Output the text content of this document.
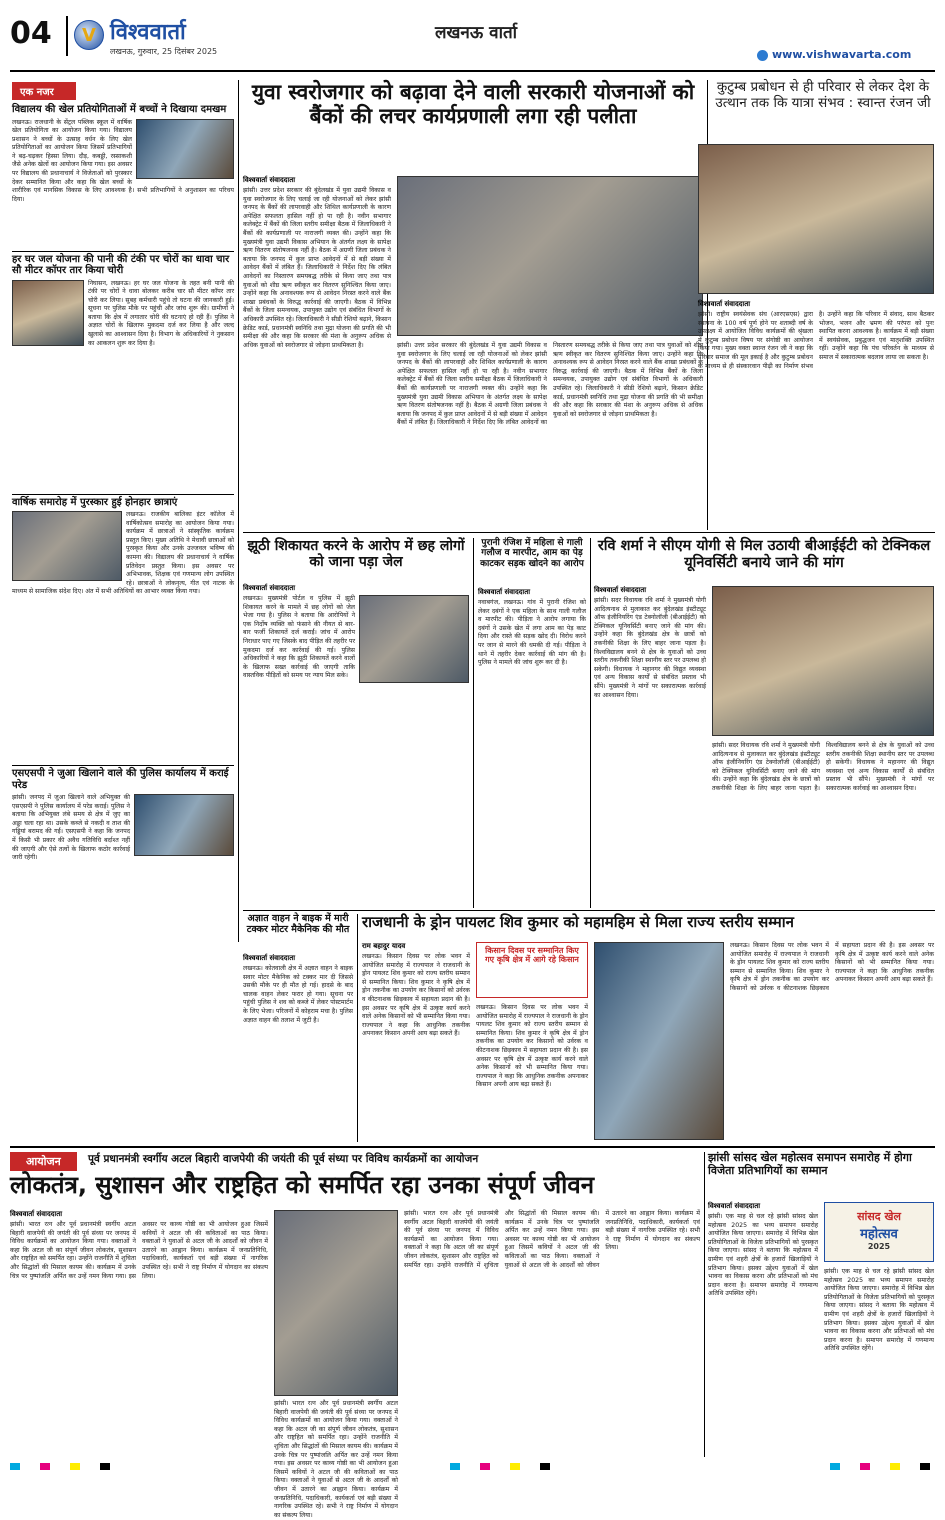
04 V विश्ववार्ता
लखनऊ, गुरुवार, 25 दिसंबर 2025
लखनऊ वार्ता
www.vishwavarta.com
एक नजर
विद्यालय की खेल प्रतियोगिताओं में बच्चों ने दिखाया दमखम
लखनऊ। राजधानी के सेंट्रल पब्लिक स्कूल में वार्षिक खेल प्रतियोगिता का आयोजन किया गया। विद्यालय प्रशासन ने बच्चों के उत्साह वर्धन के लिए खेल प्रतियोगिताओं का आयोजन किया जिसमें प्रतिभागियों ने बढ़-चढ़कर हिस्सा लिया। दौड़, कबड्डी, रस्साकशी जैसे अनेक खेलों का आयोजन किया गया। इस अवसर पर विद्यालय की प्रधानाचार्य ने विजेताओं को पुरस्कार देकर सम्मानित किया और कहा कि खेल बच्चों के शारीरिक एवं मानसिक विकास के लिए आवश्यक है। सभी प्रतिभागियों ने अनुशासन का परिचय दिया।
हर घर जल योजना की पानी की टंकी पर चोरों का धावा चार सौ मीटर कॉपर तार किया चोरी
निघासन, लखनऊ। हर घर जल योजना के तहत बनी पानी की टंकी पर चोरों ने धावा बोलकर करीब चार सौ मीटर कॉपर तार चोरी कर लिया। सुबह कर्मचारी पहुंचे तो घटना की जानकारी हुई। सूचना पर पुलिस मौके पर पहुंची और जांच शुरू की। ग्रामीणों ने बताया कि क्षेत्र में लगातार चोरी की घटनाएं हो रही हैं। पुलिस ने अज्ञात चोरों के खिलाफ मुकदमा दर्ज कर लिया है और जल्द खुलासे का आश्वासन दिया है। विभाग के अधिकारियों ने नुकसान का आकलन शुरू कर दिया है।
वार्षिक समारोह में पुरस्कार हुई होनहार छात्राएं
लखनऊ। राजकीय बालिका इंटर कॉलेज में वार्षिकोत्सव समारोह का आयोजन किया गया। कार्यक्रम में छात्राओं ने सांस्कृतिक कार्यक्रम प्रस्तुत किए। मुख्य अतिथि ने मेधावी छात्राओं को पुरस्कृत किया और उनके उज्जवल भविष्य की कामना की। विद्यालय की प्रधानाचार्य ने वार्षिक प्रतिवेदन प्रस्तुत किया। इस अवसर पर अभिभावक, शिक्षक एवं गणमान्य लोग उपस्थित रहे। छात्राओं ने लोकनृत्य, गीत एवं नाटक के माध्यम से सामाजिक संदेश दिए। अंत में सभी अतिथियों का आभार व्यक्त किया गया।
एसएसपी ने जुआ खिलाने वाले की पुलिस कार्यालय में कराई परेड
झांसी। जनपद में जुआ खिलाने वाले अभियुक्त की एसएसपी ने पुलिस कार्यालय में परेड कराई। पुलिस ने बताया कि अभियुक्त लंबे समय से क्षेत्र में जुए का अड्डा चला रहा था। उसके कब्जे से नकदी व ताश की गड्डियां बरामद की गईं। एसएसपी ने कहा कि जनपद में किसी भी प्रकार की अवैध गतिविधि बर्दाश्त नहीं की जाएगी और ऐसे तत्वों के खिलाफ कठोर कार्रवाई जारी रहेगी।
युवा स्वरोजगार को बढ़ावा देने वाली सरकारी योजनाओं को बैंकों की लचर कार्यप्रणाली लगा रही पलीता
विश्ववार्ता संवाददाता
झांसी। उत्तर प्रदेश सरकार की बुंदेलखंड में युवा उद्यमी विकास व युवा स्वरोजगार के लिए चलाई जा रही योजनाओं को लेकर झांसी जनपद के बैंकों की लापरवाही और शिथिल कार्यप्रणाली के कारण अपेक्षित सफलता हासिल नहीं हो पा रही है। नवीन सभागार कलेक्ट्रेट में बैंकों की जिला स्तरीय समीक्षा बैठक में जिलाधिकारी ने बैंकों की कार्यप्रणाली पर नाराजगी व्यक्त की। उन्होंने कहा कि मुख्यमंत्री युवा उद्यमी विकास अभियान के अंतर्गत लक्ष्य के सापेक्ष ऋण वितरण संतोषजनक नहीं है। बैठक में अग्रणी जिला प्रबंधक ने बताया कि जनपद में कुल प्राप्त आवेदनों में से बड़ी संख्या में आवेदन बैंकों में लंबित हैं। जिलाधिकारी ने निर्देश दिए कि लंबित आवेदनों का निस्तारण समयबद्ध तरीके से किया जाए तथा पात्र युवाओं को शीघ्र ऋण स्वीकृत कर वितरण सुनिश्चित किया जाए। उन्होंने कहा कि अनावश्यक रूप से आवेदन निरस्त करने वाले बैंक शाखा प्रबंधकों के विरुद्ध कार्रवाई की जाएगी। बैठक में विभिन्न बैंकों के जिला समन्वयक, उपायुक्त उद्योग एवं संबंधित विभागों के अधिकारी उपस्थित रहे। जिलाधिकारी ने सीडी रेशियो बढ़ाने, किसान क्रेडिट कार्ड, प्रधानमंत्री स्वनिधि तथा मुद्रा योजना की प्रगति की भी समीक्षा की और कहा कि सरकार की मंशा के अनुरूप अधिक से अधिक युवाओं को स्वरोजगार से जोड़ना प्राथमिकता है।	झांसी। उत्तर प्रदेश सरकार की बुंदेलखंड में युवा उद्यमी विकास व युवा स्वरोजगार के लिए चलाई जा रही योजनाओं को लेकर झांसी जनपद के बैंकों की लापरवाही और शिथिल कार्यप्रणाली के कारण अपेक्षित सफलता हासिल नहीं हो पा रही है। नवीन सभागार कलेक्ट्रेट में बैंकों की जिला स्तरीय समीक्षा बैठक में जिलाधिकारी ने बैंकों की कार्यप्रणाली पर नाराजगी व्यक्त की। उन्होंने कहा कि मुख्यमंत्री युवा उद्यमी विकास अभियान के अंतर्गत लक्ष्य के सापेक्ष ऋण वितरण संतोषजनक नहीं है। बैठक में अग्रणी जिला प्रबंधक ने बताया कि जनपद में कुल प्राप्त आवेदनों में से बड़ी संख्या में आवेदन बैंकों में लंबित हैं। जिलाधिकारी ने निर्देश दिए कि लंबित आवेदनों का निस्तारण समयबद्ध तरीके से किया जाए तथा पात्र युवाओं को शीघ्र ऋण स्वीकृत कर वितरण सुनिश्चित किया जाए। उन्होंने कहा कि अनावश्यक रूप से आवेदन निरस्त करने वाले बैंक शाखा प्रबंधकों के विरुद्ध कार्रवाई की जाएगी। बैठक में विभिन्न बैंकों के जिला समन्वयक, उपायुक्त उद्योग एवं संबंधित विभागों के अधिकारी उपस्थित रहे। जिलाधिकारी ने सीडी रेशियो बढ़ाने, किसान क्रेडिट कार्ड, प्रधानमंत्री स्वनिधि तथा मुद्रा योजना की प्रगति की भी समीक्षा की और कहा कि सरकार की मंशा के अनुरूप अधिक से अधिक युवाओं को स्वरोजगार से जोड़ना प्राथमिकता है।
कुटुम्ब प्रबोधन से ही परिवार से लेकर देश के उत्थान तक कि यात्रा संभव : स्वान्त रंजन जी
विश्ववार्ता संवाददाता
झांसी। राष्ट्रीय स्वयंसेवक संघ (आरएसएस) द्वारा स्थापना के 100 वर्ष पूर्ण होने पर शताब्दी वर्ष के उपलक्ष्य में आयोजित विविध कार्यक्रमों की श्रृंखला में कुटुम्ब प्रबोधन विषय पर संगोष्ठी का आयोजन किया गया। मुख्य वक्ता स्वान्त रंजन जी ने कहा कि परिवार समाज की मूल इकाई है और कुटुम्ब प्रबोधन के माध्यम से ही संस्कारवान पीढ़ी का निर्माण संभव है। उन्होंने कहा कि परिवार में संवाद, साथ बैठकर भोजन, भजन और भ्रमण की परंपरा को पुनः स्थापित करना आवश्यक है। कार्यक्रम में बड़ी संख्या में स्वयंसेवक, प्रबुद्धजन एवं मातृशक्ति उपस्थित रहीं। उन्होंने कहा कि पंच परिवर्तन के माध्यम से समाज में सकारात्मक बदलाव लाया जा सकता है।
झूठी शिकायत करने के आरोप में छह लोगों को जाना पड़ा जेल
विश्ववार्ता संवाददाता
लखनऊ। मुख्यमंत्री पोर्टल व पुलिस में झूठी शिकायत करने के मामले में छह लोगों को जेल भेजा गया है। पुलिस ने बताया कि आरोपियों ने एक निर्दोष व्यक्ति को फंसाने की नीयत से बार-बार फर्जी शिकायतें दर्ज कराईं। जांच में आरोप निराधार पाए गए जिसके बाद पीड़ित की तहरीर पर मुकदमा दर्ज कर कार्रवाई की गई। पुलिस अधिकारियों ने कहा कि झूठी शिकायतें करने वालों के खिलाफ सख्त कार्रवाई की जाएगी ताकि वास्तविक पीड़ितों को समय पर न्याय मिल सके।
पुरानी रंजिश में महिला से गाली गलौज व मारपीट, आम का पेड़ काटकर सड़क खोदने का आरोप
विश्ववार्ता संवाददाता
नवाबगंज, लखनऊ। गांव में पुरानी रंजिश को लेकर दबंगों ने एक महिला के साथ गाली गलौज व मारपीट की। पीड़िता ने आरोप लगाया कि दबंगों ने उसके खेत में लगा आम का पेड़ काट दिया और रास्ते की सड़क खोद दी। विरोध करने पर जान से मारने की धमकी दी गई। पीड़िता ने थाने में तहरीर देकर कार्रवाई की मांग की है। पुलिस ने मामले की जांच शुरू कर दी है।
रवि शर्मा ने सीएम योगी से मिल उठायी बीआईईटी को टेक्निकल यूनिवर्सिटी बनाये जाने की मांग
विश्ववार्ता संवाददाता
झांसी। सदर विधायक रवि शर्मा ने मुख्यमंत्री योगी आदित्यनाथ से मुलाकात कर बुंदेलखंड इंस्टीट्यूट ऑफ इंजीनियरिंग एंड टेक्नोलॉजी (बीआईईटी) को टेक्निकल यूनिवर्सिटी बनाए जाने की मांग की। उन्होंने कहा कि बुंदेलखंड क्षेत्र के छात्रों को तकनीकी शिक्षा के लिए बाहर जाना पड़ता है। विश्वविद्यालय बनने से क्षेत्र के युवाओं को उच्च स्तरीय तकनीकी शिक्षा स्थानीय स्तर पर उपलब्ध हो सकेगी। विधायक ने महानगर की विद्युत व्यवस्था एवं अन्य विकास कार्यों से संबंधित प्रस्ताव भी सौंपे। मुख्यमंत्री ने मांगों पर सकारात्मक कार्रवाई का आश्वासन दिया।
झांसी। सदर विधायक रवि शर्मा ने मुख्यमंत्री योगी आदित्यनाथ से मुलाकात कर बुंदेलखंड इंस्टीट्यूट ऑफ इंजीनियरिंग एंड टेक्नोलॉजी (बीआईईटी) को टेक्निकल यूनिवर्सिटी बनाए जाने की मांग की। उन्होंने कहा कि बुंदेलखंड क्षेत्र के छात्रों को तकनीकी शिक्षा के लिए बाहर जाना पड़ता है। विश्वविद्यालय बनने से क्षेत्र के युवाओं को उच्च स्तरीय तकनीकी शिक्षा स्थानीय स्तर पर उपलब्ध हो सकेगी। विधायक ने महानगर की विद्युत व्यवस्था एवं अन्य विकास कार्यों से संबंधित प्रस्ताव भी सौंपे। मुख्यमंत्री ने मांगों पर सकारात्मक कार्रवाई का आश्वासन दिया।
अज्ञात वाहन ने बाइक में मारी टक्कर मोटर मैकेनिक की मौत
विश्ववार्ता संवाददाता
लखनऊ। कोतवाली क्षेत्र में अज्ञात वाहन ने बाइक सवार मोटर मैकेनिक को टक्कर मार दी जिससे उसकी मौके पर ही मौत हो गई। हादसे के बाद चालक वाहन लेकर फरार हो गया। सूचना पर पहुंची पुलिस ने शव को कब्जे में लेकर पोस्टमार्टम के लिए भेजा। परिजनों में कोहराम मचा है। पुलिस अज्ञात वाहन की तलाश में जुटी है।
राजधानी के ड्रोन पायलट शिव कुमार को महामहिम से मिला राज्य स्तरीय सम्मान
राम बहादुर यादव
लखनऊ। किसान दिवस पर लोक भवन में आयोजित समारोह में राज्यपाल ने राजधानी के ड्रोन पायलट शिव कुमार को राज्य स्तरीय सम्मान से सम्मानित किया। शिव कुमार ने कृषि क्षेत्र में ड्रोन तकनीक का उपयोग कर किसानों को उर्वरक व कीटनाशक छिड़काव में सहायता प्रदान की है। इस अवसर पर कृषि क्षेत्र में उत्कृष्ट कार्य करने वाले अनेक किसानों को भी सम्मानित किया गया। राज्यपाल ने कहा कि आधुनिक तकनीक अपनाकर किसान अपनी आय बढ़ा सकते हैं।
किसान दिवस पर सम्मानित किए गए कृषि क्षेत्र में आगे रहे किसान
लखनऊ। किसान दिवस पर लोक भवन में आयोजित समारोह में राज्यपाल ने राजधानी के ड्रोन पायलट शिव कुमार को राज्य स्तरीय सम्मान से सम्मानित किया। शिव कुमार ने कृषि क्षेत्र में ड्रोन तकनीक का उपयोग कर किसानों को उर्वरक व कीटनाशक छिड़काव में सहायता प्रदान की है। इस अवसर पर कृषि क्षेत्र में उत्कृष्ट कार्य करने वाले अनेक किसानों को भी सम्मानित किया गया। राज्यपाल ने कहा कि आधुनिक तकनीक अपनाकर किसान अपनी आय बढ़ा सकते हैं।
लखनऊ। किसान दिवस पर लोक भवन में आयोजित समारोह में राज्यपाल ने राजधानी के ड्रोन पायलट शिव कुमार को राज्य स्तरीय सम्मान से सम्मानित किया। शिव कुमार ने कृषि क्षेत्र में ड्रोन तकनीक का उपयोग कर किसानों को उर्वरक व कीटनाशक छिड़काव में सहायता प्रदान की है। इस अवसर पर कृषि क्षेत्र में उत्कृष्ट कार्य करने वाले अनेक किसानों को भी सम्मानित किया गया। राज्यपाल ने कहा कि आधुनिक तकनीक अपनाकर किसान अपनी आय बढ़ा सकते हैं।
आयोजन	पूर्व प्रधानमंत्री स्वर्गीय अटल बिहारी वाजपेयी की जयंती की पूर्व संध्या पर विविध कार्यक्रमों का आयोजन
लोकतंत्र, सुशासन और राष्ट्रहित को समर्पित रहा उनका संपूर्ण जीवन
विश्ववार्ता संवाददाता
झांसी। भारत रत्न और पूर्व प्रधानमंत्री स्वर्गीय अटल बिहारी वाजपेयी की जयंती की पूर्व संध्या पर जनपद में विविध कार्यक्रमों का आयोजन किया गया। वक्ताओं ने कहा कि अटल जी का संपूर्ण जीवन लोकतंत्र, सुशासन और राष्ट्रहित को समर्पित रहा। उन्होंने राजनीति में शुचिता और सिद्धांतों की मिसाल कायम की। कार्यक्रम में उनके चित्र पर पुष्पांजलि अर्पित कर उन्हें नमन किया गया। इस अवसर पर काव्य गोष्ठी का भी आयोजन हुआ जिसमें कवियों ने अटल जी की कविताओं का पाठ किया। वक्ताओं ने युवाओं से अटल जी के आदर्शों को जीवन में उतारने का आह्वान किया। कार्यक्रम में जनप्रतिनिधि, पदाधिकारी, कार्यकर्ता एवं बड़ी संख्या में नागरिक उपस्थित रहे। सभी ने राष्ट्र निर्माण में योगदान का संकल्प लिया।
झांसी। भारत रत्न और पूर्व प्रधानमंत्री स्वर्गीय अटल बिहारी वाजपेयी की जयंती की पूर्व संध्या पर जनपद में विविध कार्यक्रमों का आयोजन किया गया। वक्ताओं ने कहा कि अटल जी का संपूर्ण जीवन लोकतंत्र, सुशासन और राष्ट्रहित को समर्पित रहा। उन्होंने राजनीति में शुचिता और सिद्धांतों की मिसाल कायम की। कार्यक्रम में उनके चित्र पर पुष्पांजलि अर्पित कर उन्हें नमन किया गया। इस अवसर पर काव्य गोष्ठी का भी आयोजन हुआ जिसमें कवियों ने अटल जी की कविताओं का पाठ किया। वक्ताओं ने युवाओं से अटल जी के आदर्शों को जीवन में उतारने का आह्वान किया। कार्यक्रम में जनप्रतिनिधि, पदाधिकारी, कार्यकर्ता एवं बड़ी संख्या में नागरिक उपस्थित रहे। सभी ने राष्ट्र निर्माण में योगदान का संकल्प लिया।
झांसी। भारत रत्न और पूर्व प्रधानमंत्री स्वर्गीय अटल बिहारी वाजपेयी की जयंती की पूर्व संध्या पर जनपद में विविध कार्यक्रमों का आयोजन किया गया। वक्ताओं ने कहा कि अटल जी का संपूर्ण जीवन लोकतंत्र, सुशासन और राष्ट्रहित को समर्पित रहा। उन्होंने राजनीति में शुचिता और सिद्धांतों की मिसाल कायम की। कार्यक्रम में उनके चित्र पर पुष्पांजलि अर्पित कर उन्हें नमन किया गया। इस अवसर पर काव्य गोष्ठी का भी आयोजन हुआ जिसमें कवियों ने अटल जी की कविताओं का पाठ किया। वक्ताओं ने युवाओं से अटल जी के आदर्शों को जीवन में उतारने का आह्वान किया। कार्यक्रम में जनप्रतिनिधि, पदाधिकारी, कार्यकर्ता एवं बड़ी संख्या में नागरिक उपस्थित रहे। सभी ने राष्ट्र निर्माण में योगदान का संकल्प लिया।
झांसी सांसद खेल महोत्सव समापन समारोह में होगा विजेता प्रतिभागियों का सम्मान
विश्ववार्ता संवाददाता
झांसी। एक माह से चल रहे झांसी सांसद खेल महोत्सव 2025 का भव्य समापन समारोह आयोजित किया जाएगा। समारोह में विभिन्न खेल प्रतियोगिताओं के विजेता प्रतिभागियों को पुरस्कृत किया जाएगा। सांसद ने बताया कि महोत्सव में ग्रामीण एवं शहरी क्षेत्रों के हजारों खिलाड़ियों ने प्रतिभाग किया। इसका उद्देश्य युवाओं में खेल भावना का विकास करना और प्रतिभाओं को मंच प्रदान करना है। समापन समारोह में गणमान्य अतिथि उपस्थित रहेंगे।
सांसद खेल
महोत्सव
2025
झांसी। एक माह से चल रहे झांसी सांसद खेल महोत्सव 2025 का भव्य समापन समारोह आयोजित किया जाएगा। समारोह में विभिन्न खेल प्रतियोगिताओं के विजेता प्रतिभागियों को पुरस्कृत किया जाएगा। सांसद ने बताया कि महोत्सव में ग्रामीण एवं शहरी क्षेत्रों के हजारों खिलाड़ियों ने प्रतिभाग किया। इसका उद्देश्य युवाओं में खेल भावना का विकास करना और प्रतिभाओं को मंच प्रदान करना है। समापन समारोह में गणमान्य अतिथि उपस्थित रहेंगे।
